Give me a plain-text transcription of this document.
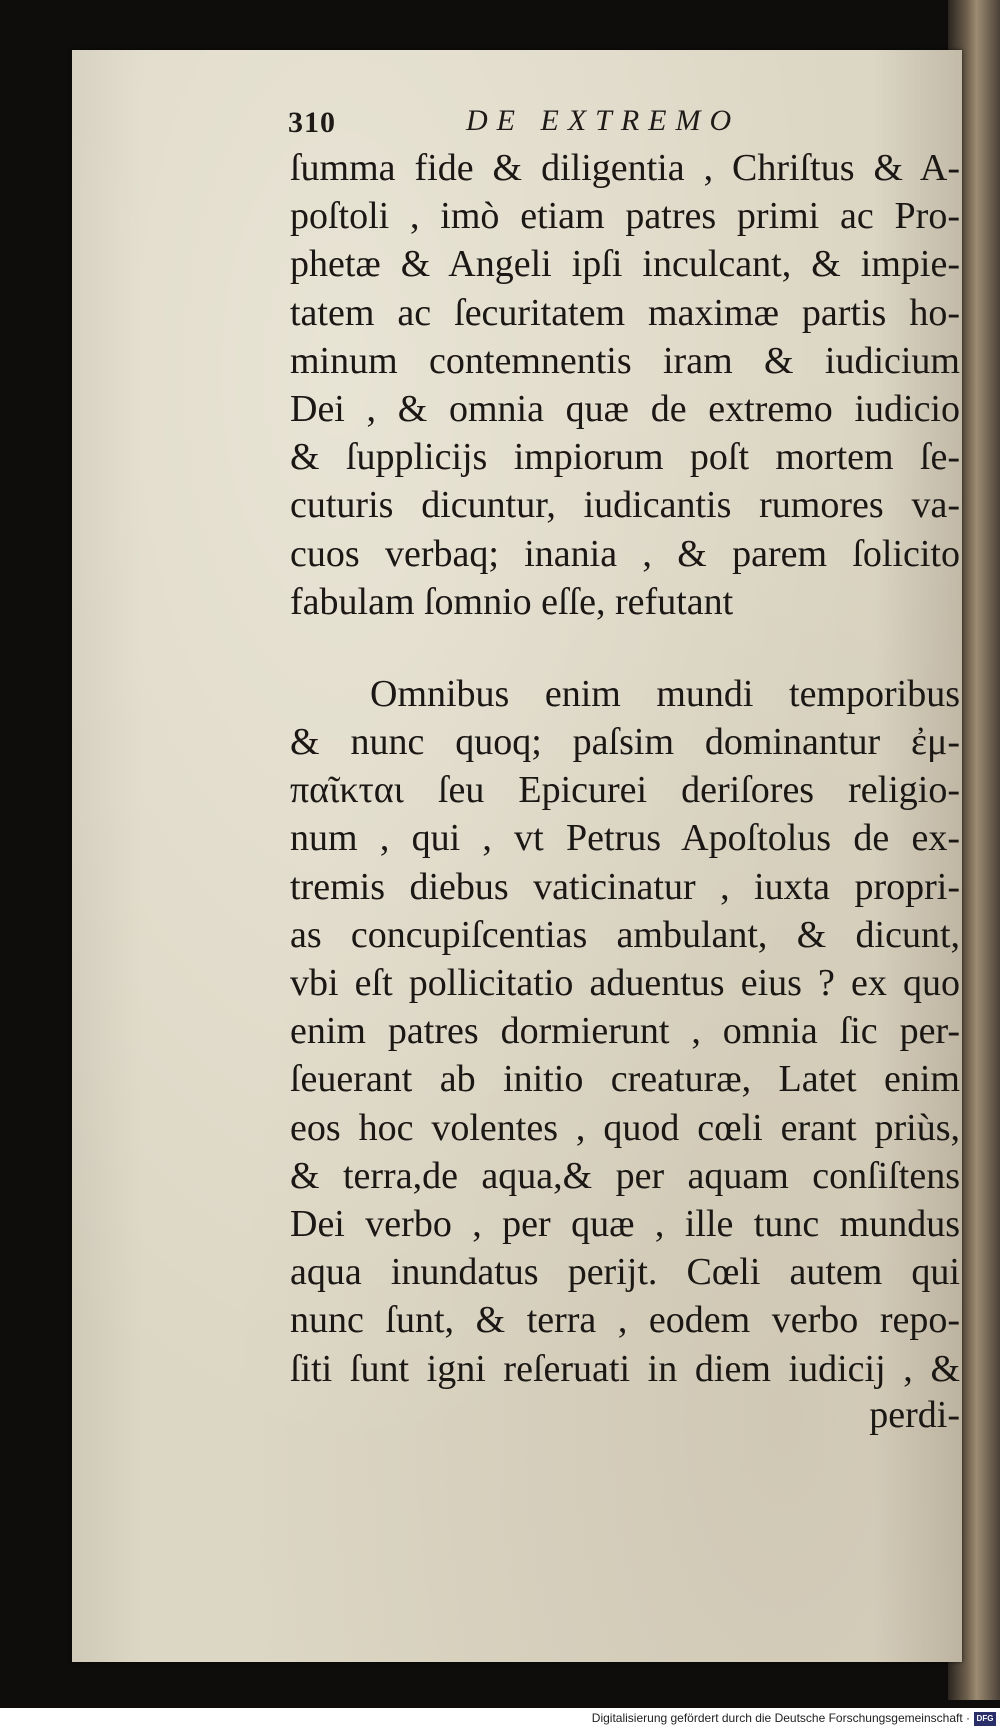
310	DE EXTREMO
ſumma fide & diligentia , Chriſtus & A-
poſtoli , imò etiam patres primi ac Pro-
phetæ & Angeli ipſi inculcant, & impie-
tatem ac ſecuritatem maximæ partis ho-
minum contemnentis iram & iudicium
Dei , & omnia quæ de extremo iudicio
& ſupplicijs impiorum poſt mortem ſe-
cuturis dicuntur, iudicantis rumores va-
cuos verbaq; inania , & parem ſolicito
fabulam ſomnio eſſe, refutant
Omnibus enim mundi temporibus
& nunc quoq; paſsim dominantur ἐμ-
παῖκται ſeu Epicurei deriſores religio-
num , qui , vt Petrus Apoſtolus de ex-
tremis diebus vaticinatur , iuxta propri-
as concupiſcentias ambulant, & dicunt,
vbi eſt pollicitatio aduentus eius ? ex quo
enim patres dormierunt , omnia ſic per-
ſeuerant ab initio creaturæ, Latet enim
eos hoc volentes , quod cœli erant priùs,
& terra,de aqua,& per aquam conſiſtens
Dei verbo , per quæ , ille tunc mundus
aqua inundatus perijt. Cœli autem qui
nunc ſunt, & terra , eodem verbo repo-
ſiti ſunt igni reſeruati in diem iudicij , &
perdi-
Digitalisierung gefördert durch die Deutsche Forschungsgemeinschaft · DFG
